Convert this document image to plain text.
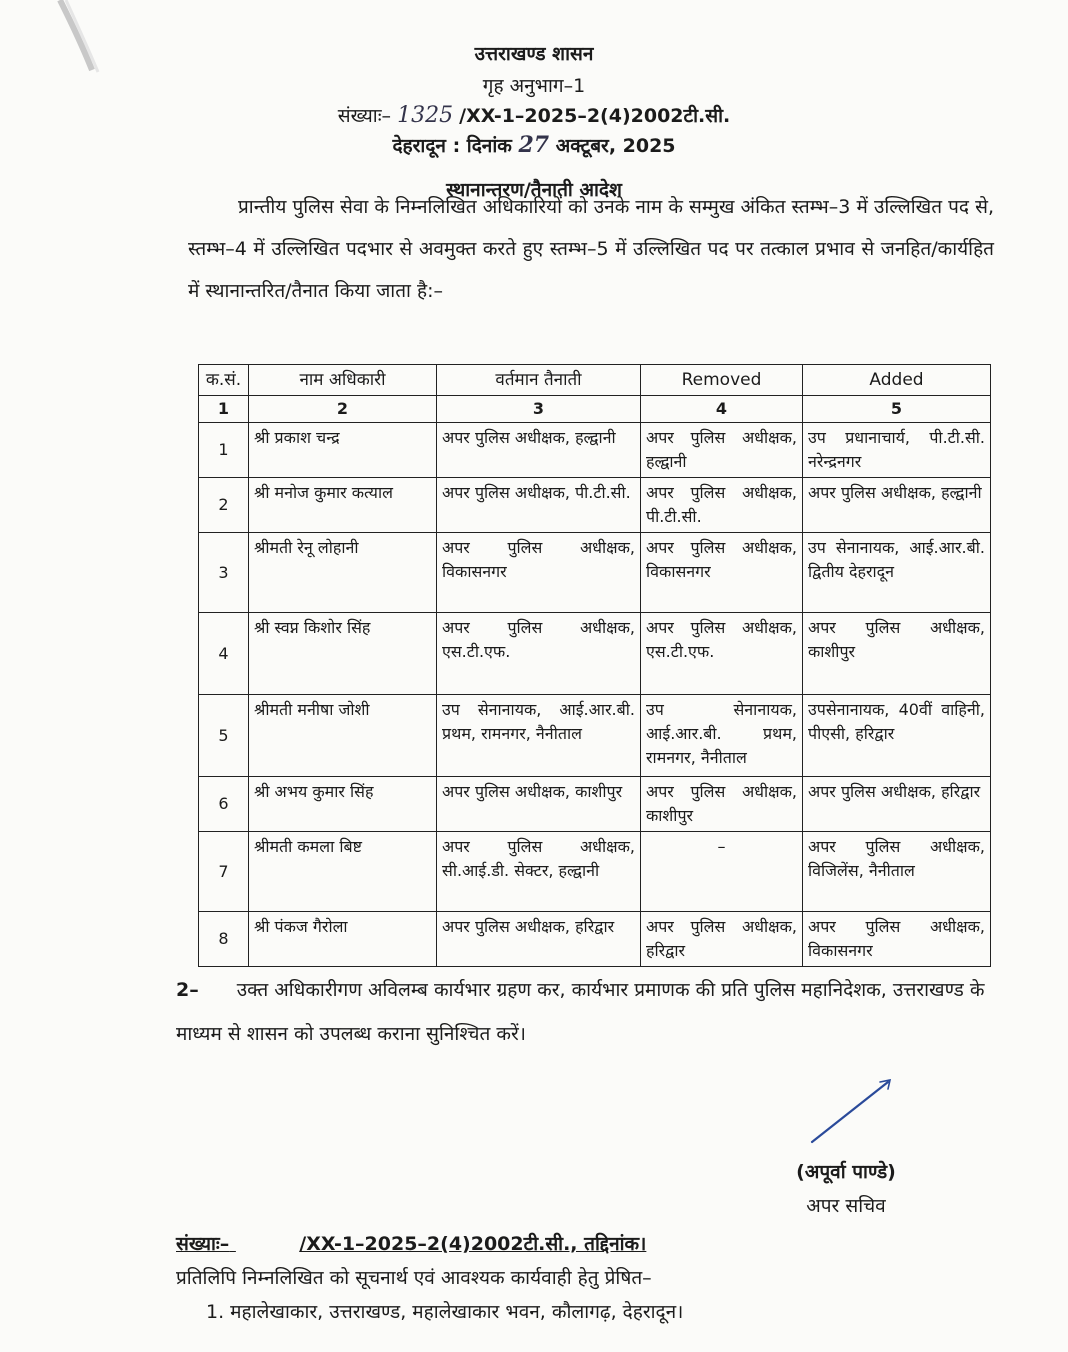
उत्तराखण्ड शासन
गृह अनुभाग–1
संख्याः– 1325 /XX-1–2025–2(4)2002टी.सी.
देहरादून : दिनांक 27 अक्टूबर, 2025
स्थानान्तरण/तैनाती आदेश
प्रान्तीय पुलिस सेवा के निम्नलिखित अधिकारियों को उनके नाम के सम्मुख अंकित स्तम्भ–3 में उल्लिखित पद से, स्तम्भ–4 में उल्लिखित पदभार से अवमुक्त करते हुए स्तम्भ–5 में उल्लिखित पद पर तत्काल प्रभाव से जनहित/कार्यहित में स्थानान्तरित/तैनात किया जाता है:–
क.सं.	नाम अधिकारी	वर्तमान तैनाती	Removed	Added
1	2	3	4	5
1	श्री प्रकाश चन्द्र	अपर पुलिस अधीक्षक, हल्द्वानी	अपर पुलिस अधीक्षक, हल्द्वानी	उप प्रधानाचार्य, पी.टी.सी. नरेन्द्रनगर
2	श्री मनोज कुमार कत्याल	अपर पुलिस अधीक्षक, पी.टी.सी.	अपर पुलिस अधीक्षक, पी.टी.सी.	अपर पुलिस अधीक्षक, हल्द्वानी
3	श्रीमती रेनू लोहानी	अपर पुलिस अधीक्षक, विकासनगर	अपर पुलिस अधीक्षक, विकासनगर	उप सेनानायक, आई.आर.बी. द्वितीय देहरादून
4	श्री स्वप्न किशोर सिंह	अपर पुलिस अधीक्षक, एस.टी.एफ.	अपर पुलिस अधीक्षक, एस.टी.एफ.	अपर पुलिस अधीक्षक, काशीपुर
5	श्रीमती मनीषा जोशी	उप सेनानायक, आई.आर.बी. प्रथम, रामनगर, नैनीताल	उप सेनानायक, आई.आर.बी. प्रथम, रामनगर, नैनीताल	उपसेनानायक, 40वीं वाहिनी, पीएसी, हरिद्वार
6	श्री अभय कुमार सिंह	अपर पुलिस अधीक्षक, काशीपुर	अपर पुलिस अधीक्षक, काशीपुर	अपर पुलिस अधीक्षक, हरिद्वार
7	श्रीमती कमला बिष्ट	अपर पुलिस अधीक्षक, सी.आई.डी. सेक्टर, हल्द्वानी	–	अपर पुलिस अधीक्षक, विजिलेंस, नैनीताल
8	श्री पंकज गैरोला	अपर पुलिस अधीक्षक, हरिद्वार	अपर पुलिस अधीक्षक, हरिद्वार	अपर पुलिस अधीक्षक, विकासनगर
2– उक्त अधिकारीगण अविलम्ब कार्यभार ग्रहण कर, कार्यभार प्रमाणक की प्रति पुलिस महानिदेशक, उत्तराखण्ड के माध्यम से शासन को उपलब्ध कराना सुनिश्चित करें।
(अपूर्वा पाण्डे)
अपर सचिव
संख्याः–	/XX-1–2025–2(4)2002टी.सी., तद्दिनांक।
प्रतिलिपि निम्नलिखित को सूचनार्थ एवं आवश्यक कार्यवाही हेतु प्रेषित–
1. महालेखाकार, उत्तराखण्ड, महालेखाकार भवन, कौलागढ़, देहरादून।
